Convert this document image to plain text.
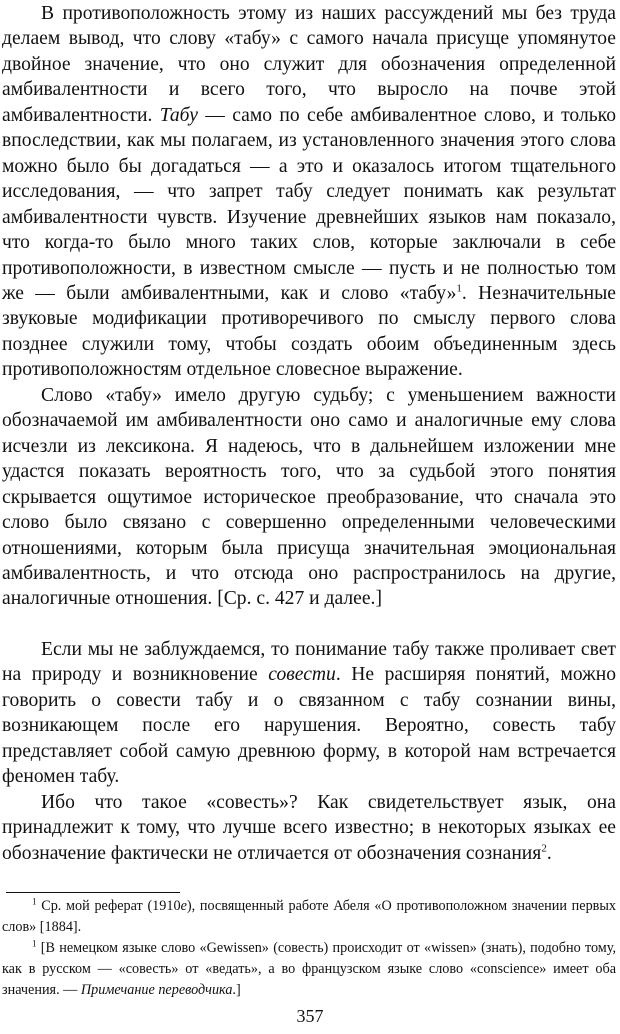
В противоположность этому из наших рассуждений мы без труда делаем вывод, что слову «табу» с самого начала присуще упомянутое двойное значение, что оно служит для обозначения определенной амбивалентности и всего того, что выросло на почве этой амбивалентности. Табу — само по себе амбивалентное слово, и только впоследствии, как мы полагаем, из установленного значения этого слова можно было бы догадаться — а это и оказалось итогом тщательного исследования, — что запрет табу следует понимать как результат амбивалентности чувств. Изучение древнейших языков нам показало, что когда-то было много таких слов, которые заключали в себе противоположности, в известном смысле — пусть и не полностью том же — были амбивалентными, как и слово «табу»$^1$. Незначительные звуковые модификации противоречивого по смыслу первого слова позднее служили тому, чтобы создать обоим объединенным здесь противоположностям отдельное словесное выражение.

Слово «табу» имело другую судьбу; с уменьшением важности обозначаемой им амбивалентности оно само и аналогичные ему слова исчезли из лексикона. Я надеюсь, что в дальнейшем изложении мне удастся показать вероятность того, что за судьбой этого понятия скрывается ощутимое историческое преобразование, что сначала это слово было связано с совершенно определенными человеческими отношениями, которым была присуща значительная эмоциональная амбивалентность, и что отсюда оно распространилось на другие, аналогичные отношения. [Ср. с. 427 и далее.]

Если мы не заблуждаемся, то понимание табу также проливает свет на природу и возникновение совести. Не расширяя понятий, можно говорить о совести табу и о связанном с табу сознании вины, возникающем после его нарушения. Вероятно, совесть табу представляет собой самую древнюю форму, в которой нам встречается феномен табу.

Ибо что такое «совесть»? Как свидетельствует язык, она принадлежит к тому, что лучше всего известно; в некоторых языках ее обозначение фактически не отличается от обозначения сознания$^2$.

$^1$ Ср. мой реферат (1910е), посвященный работе Абеля «О противоположном значении первых слов» [1884].

$^1$ [В немецком языке слово «Gewissen» (совесть) происходит от «wissen» (знать), подобно тому, как в русском — «совесть» от «ведать», а во французском языке слово «conscience» имеет оба значения. — Примечание переводчика.]

357
